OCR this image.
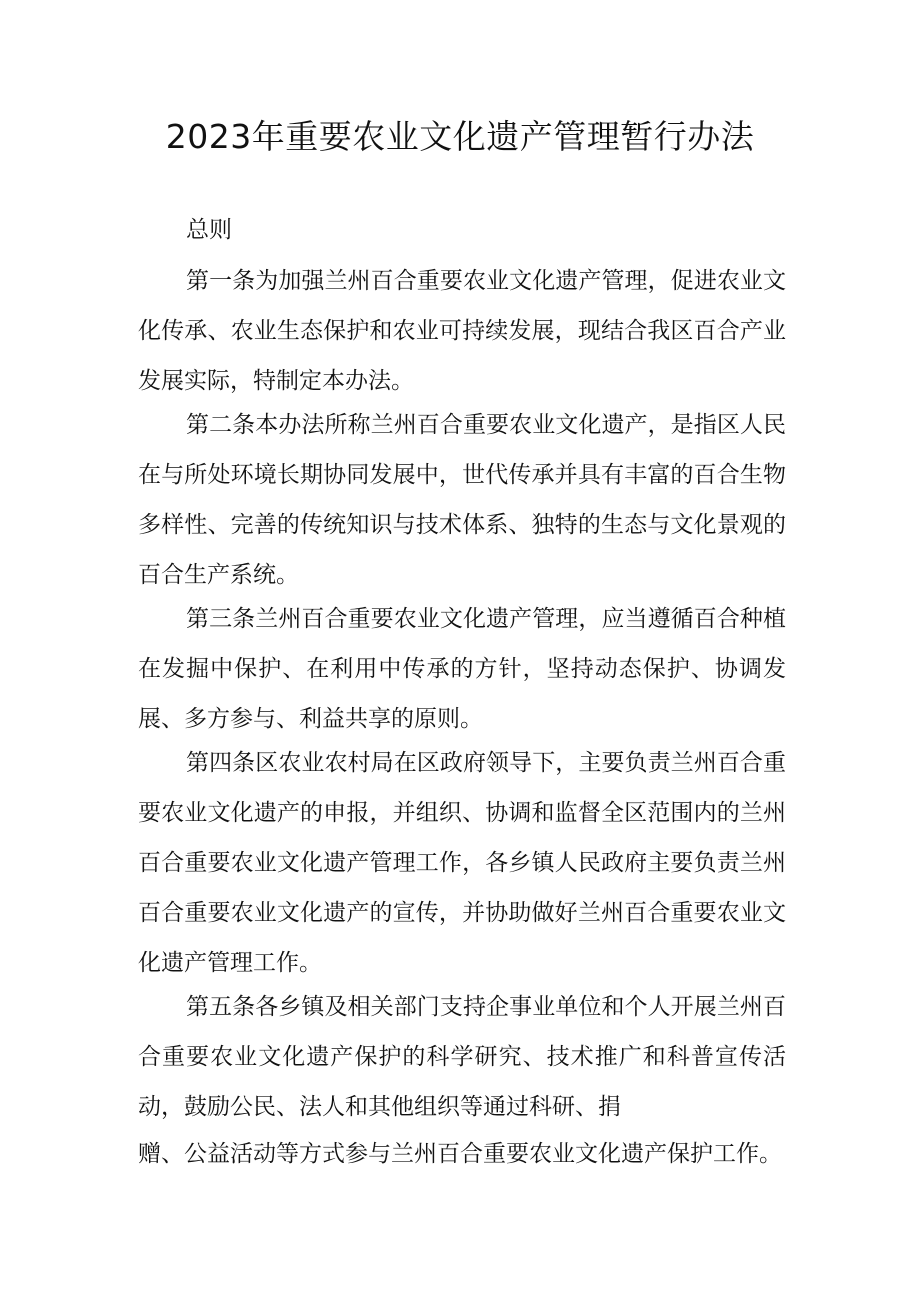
2023年重要农业文化遗产管理暂行办法

总则

第一条为加强兰州百合重要农业文化遗产管理，促进农业文化传承、农业生态保护和农业可持续发展，现结合我区百合产业发展实际，特制定本办法。

第二条本办法所称兰州百合重要农业文化遗产，是指区人民在与所处环境长期协同发展中，世代传承并具有丰富的百合生物多样性、完善的传统知识与技术体系、独特的生态与文化景观的百合生产系统。

第三条兰州百合重要农业文化遗产管理，应当遵循百合种植在发掘中保护、在利用中传承的方针，坚持动态保护、协调发展、多方参与、利益共享的原则。

第四条区农业农村局在区政府领导下，主要负责兰州百合重要农业文化遗产的申报，并组织、协调和监督全区范围内的兰州百合重要农业文化遗产管理工作，各乡镇人民政府主要负责兰州百合重要农业文化遗产的宣传，并协助做好兰州百合重要农业文化遗产管理工作。

第五条各乡镇及相关部门支持企事业单位和个人开展兰州百合重要农业文化遗产保护的科学研究、技术推广和科普宣传活动，鼓励公民、法人和其他组织等通过科研、捐

赠、公益活动等方式参与兰州百合重要农业文化遗产保护工作。
